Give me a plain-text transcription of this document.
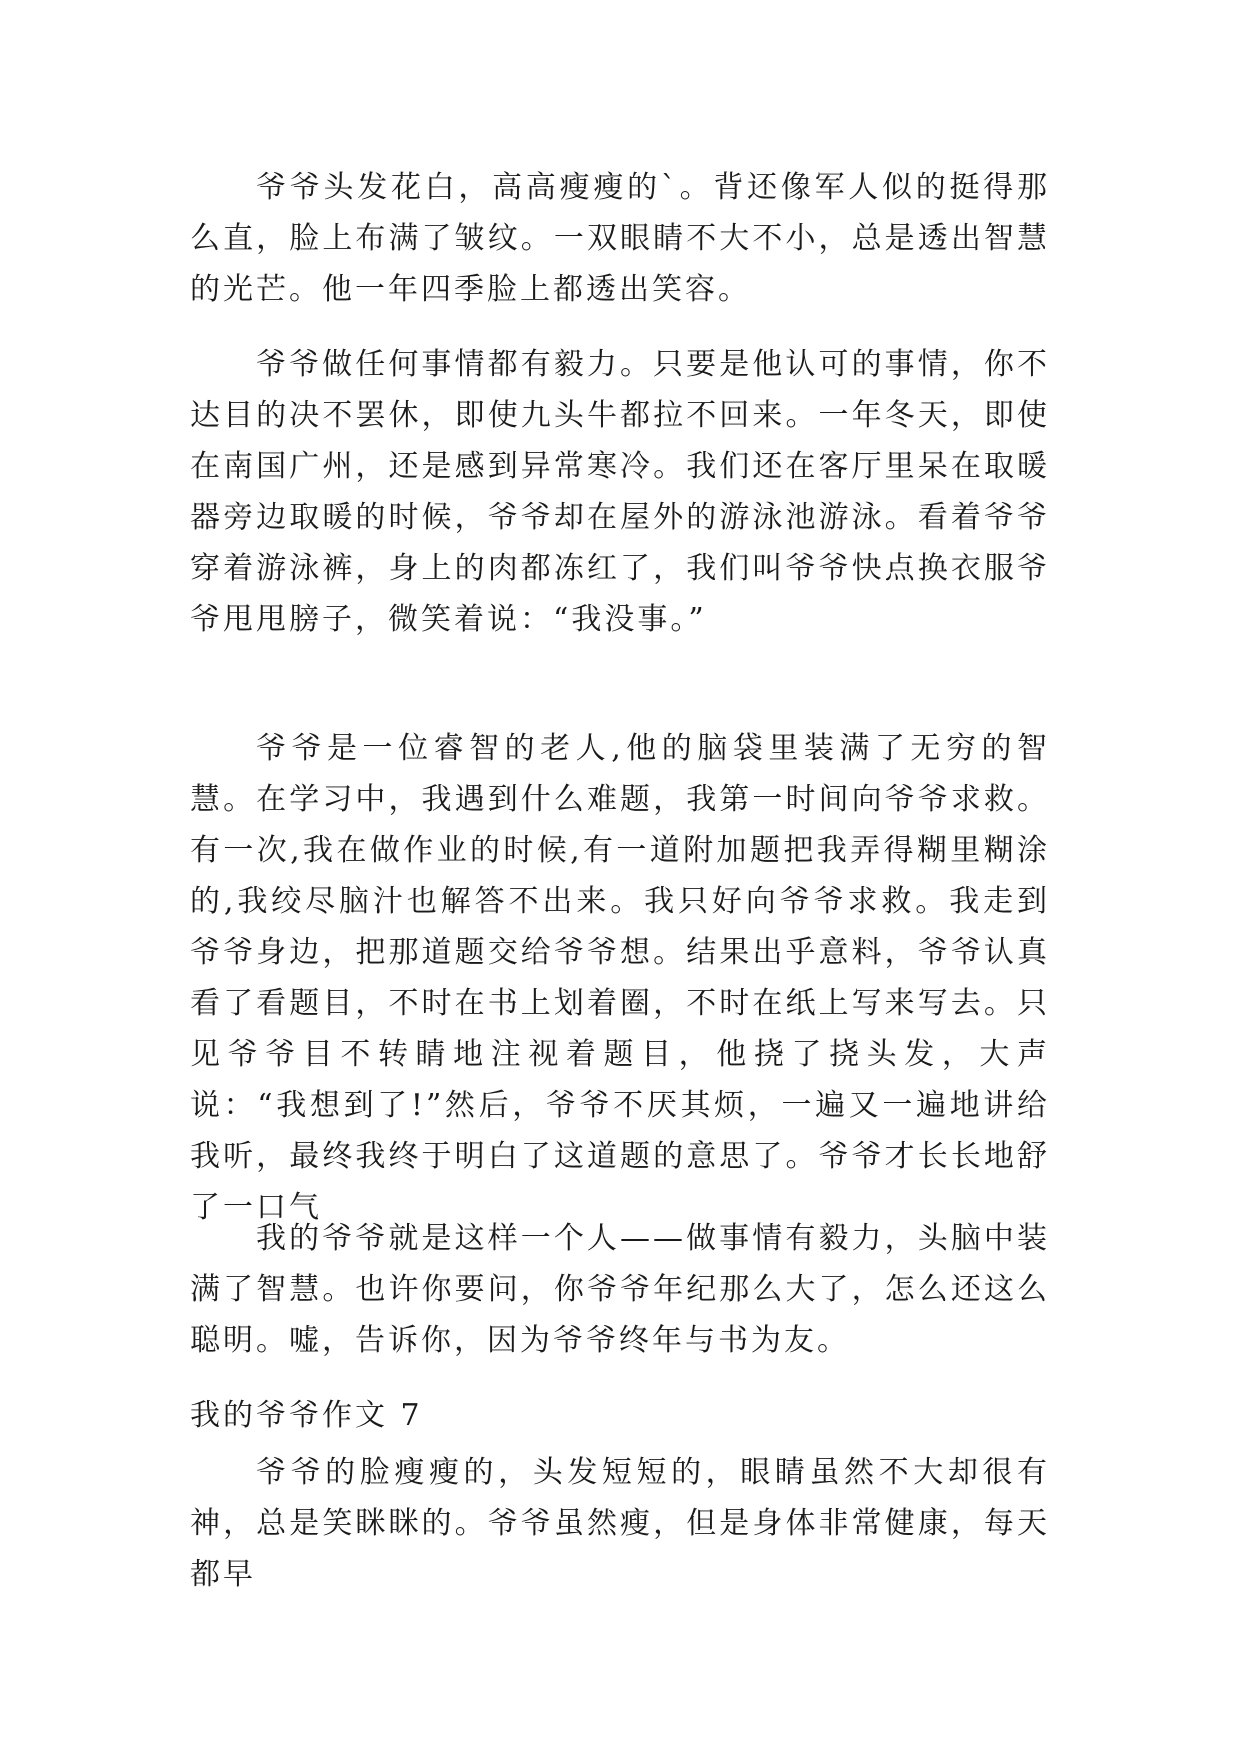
爷爷头发花白，高高瘦瘦的`。背还像军人似的挺得那么直，脸上布满了皱纹。一双眼睛不大不小，总是透出智慧的光芒。他一年四季脸上都透出笑容。
爷爷做任何事情都有毅力。只要是他认可的事情，你不达目的决不罢休，即使九头牛都拉不回来。一年冬天，即使在南国广州，还是感到异常寒冷。我们还在客厅里呆在取暖器旁边取暖的时候，爷爷却在屋外的游泳池游泳。看着爷爷穿着游泳裤，身上的肉都冻红了，我们叫爷爷快点换衣服爷爷甩甩膀子，微笑着说：“我没事。”
爷爷是一位睿智的老人,他的脑袋里装满了无穷的智慧。在学习中，我遇到什么难题，我第一时间向爷爷求救。有一次,我在做作业的时候,有一道附加题把我弄得糊里糊涂的,我绞尽脑汁也解答不出来。我只好向爷爷求救。我走到爷爷身边，把那道题交给爷爷想。结果出乎意料，爷爷认真看了看题目，不时在书上划着圈，不时在纸上写来写去。只见爷爷目不转睛地注视着题目，他挠了挠头发，大声说：“我想到了!”然后，爷爷不厌其烦，一遍又一遍地讲给我听，最终我终于明白了这道题的意思了。爷爷才长长地舒了一口气
我的爷爷就是这样一个人——做事情有毅力，头脑中装满了智慧。也许你要问，你爷爷年纪那么大了，怎么还这么聪明。嘘，告诉你，因为爷爷终年与书为友。
我的爷爷作文 7
爷爷的脸瘦瘦的，头发短短的，眼睛虽然不大却很有神，总是笑眯眯的。爷爷虽然瘦，但是身体非常健康，每天都早
